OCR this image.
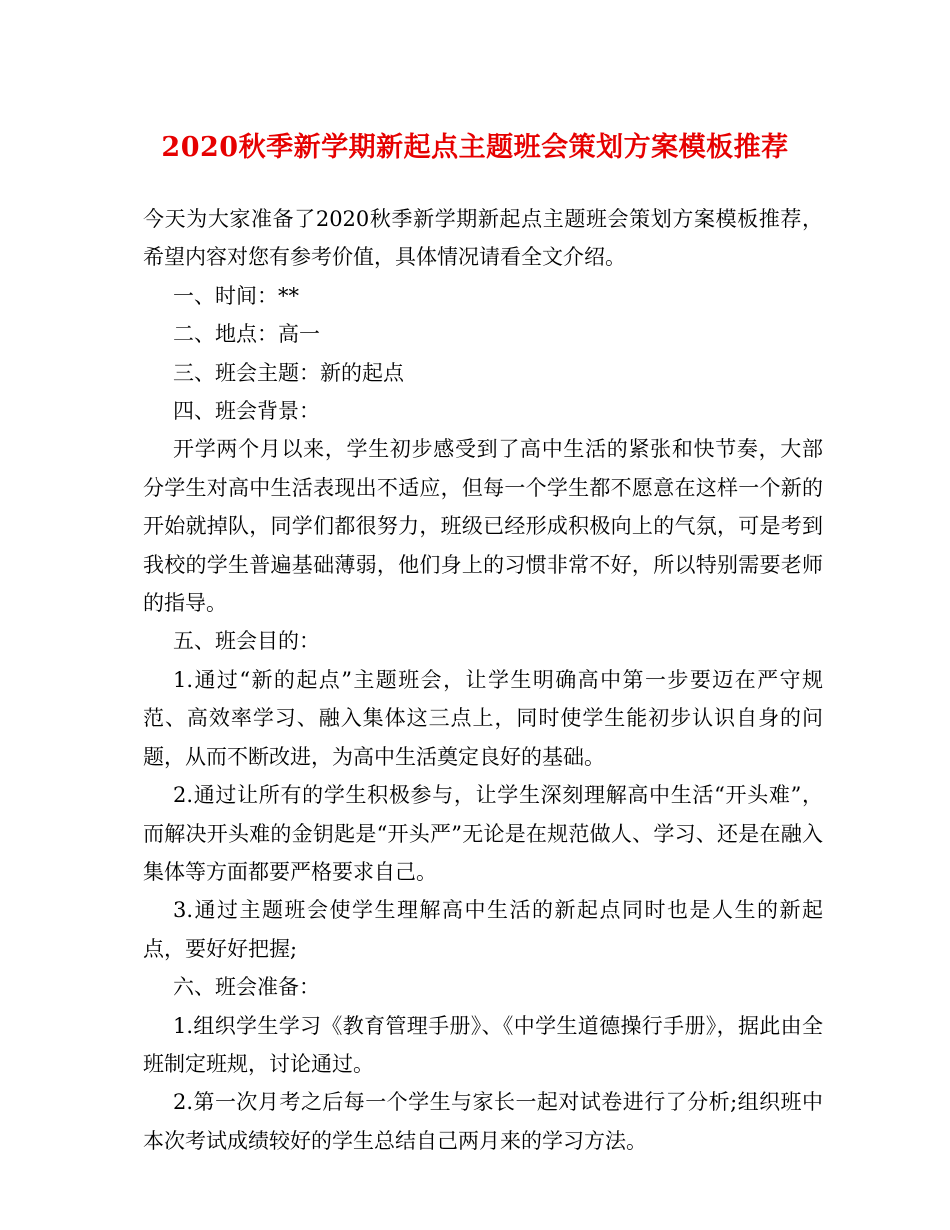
2020秋季新学期新起点主题班会策划方案模板推荐

今天为大家准备了2020秋季新学期新起点主题班会策划方案模板推荐，希望内容对您有参考价值，具体情况请看全文介绍。

一、时间：**

二、地点：高一

三、班会主题：新的起点

四、班会背景：

开学两个月以来，学生初步感受到了高中生活的紧张和快节奏，大部分学生对高中生活表现出不适应，但每一个学生都不愿意在这样一个新的开始就掉队，同学们都很努力，班级已经形成积极向上的气氛，可是考到我校的学生普遍基础薄弱，他们身上的习惯非常不好，所以特别需要老师的指导。

五、班会目的：

1.通过“新的起点”主题班会，让学生明确高中第一步要迈在严守规范、高效率学习、融入集体这三点上，同时使学生能初步认识自身的问题，从而不断改进，为高中生活奠定良好的基础。

2.通过让所有的学生积极参与，让学生深刻理解高中生活“开头难”，而解决开头难的金钥匙是“开头严”无论是在规范做人、学习、还是在融入集体等方面都要严格要求自己。

3.通过主题班会使学生理解高中生活的新起点同时也是人生的新起点，要好好把握;

六、班会准备：

1.组织学生学习《教育管理手册》、《中学生道德操行手册》，据此由全班制定班规，讨论通过。

2.第一次月考之后每一个学生与家长一起对试卷进行了分析;组织班中本次考试成绩较好的学生总结自己两月来的学习方法。
